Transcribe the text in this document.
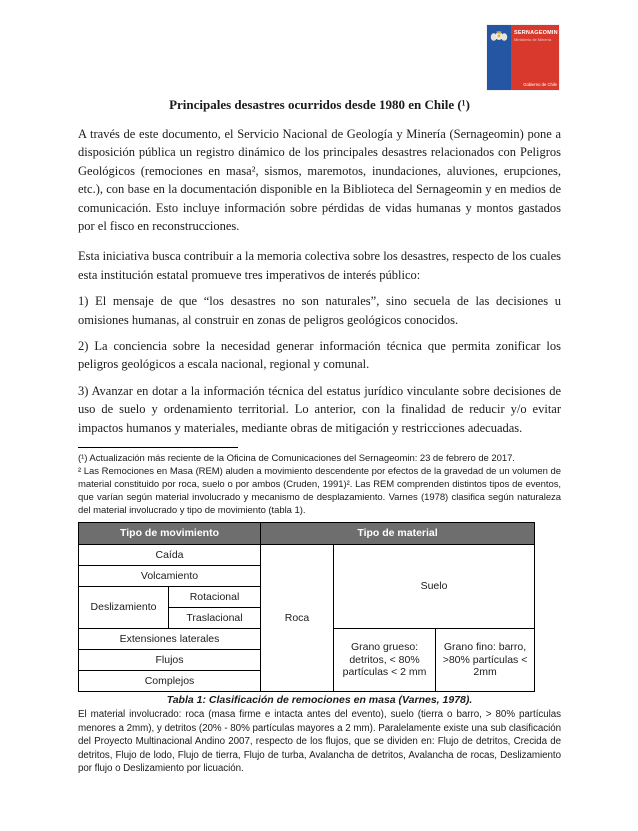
SERNAGEOMIN
Ministerio de Minería
Gobierno de Chile
Principales desastres ocurridos desde 1980 en Chile (¹)

A través de este documento, el Servicio Nacional de Geología y Minería (Sernageomin) pone a disposición pública un registro dinámico de los principales desastres relacionados con Peligros Geológicos (remociones en masa², sismos, maremotos, inundaciones, aluviones, erupciones, etc.), con base en la documentación disponible en la Biblioteca del Sernageomin y en medios de comunicación. Esto incluye información sobre pérdidas de vidas humanas y montos gastados por el fisco en reconstrucciones.

Esta iniciativa busca contribuir a la memoria colectiva sobre los desastres, respecto de los cuales esta institución estatal promueve tres imperativos de interés público:

1) El mensaje de que “los desastres no son naturales”, sino secuela de las decisiones u omisiones humanas, al construir en zonas de peligros geológicos conocidos.

2) La conciencia sobre la necesidad generar información técnica que permita zonificar los peligros geológicos a escala nacional, regional y comunal.

3) Avanzar en dotar a la información técnica del estatus jurídico vinculante sobre decisiones de uso de suelo y ordenamiento territorial. Lo anterior, con la finalidad de reducir y/o evitar impactos humanos y materiales, mediante obras de mitigación y restricciones adecuadas.

(¹) Actualización más reciente de la Oficina de Comunicaciones del Sernageomin: 23 de febrero de 2017.

² Las Remociones en Masa (REM) aluden a movimiento descendente por efectos de la gravedad de un volumen de material constituido por roca, suelo o por ambos (Cruden, 1991)². Las REM comprenden distintos tipos de eventos, que varían según material involucrado y mecanismo de desplazamiento. Varnes (1978) clasifica según naturaleza del material involucrado y tipo de movimiento (tabla 1).

Tipo de movimiento		Tipo de material		
Caída		Roca	Suelo	
Volcamiento				
Deslizamiento	Rotacional			
	Traslacional			
Extensiones laterales			Grano grueso: detritos, < 80% partículas < 2 mm	Grano fino: barro, >80% partículas < 2mm
Flujos				
Complejos				
Tabla 1: Clasificación de remociones en masa (Varnes, 1978).

El material involucrado: roca (masa firme e intacta antes del evento), suelo (tierra o barro, > 80% partículas menores a 2mm), y detritos (20% - 80% partículas mayores a 2 mm). Paralelamente existe una sub clasificación del Proyecto Multinacional Andino 2007, respecto de los flujos, que se dividen en: Flujo de detritos, Crecida de detritos, Flujo de lodo, Flujo de tierra, Flujo de turba, Avalancha de detritos, Avalancha de rocas, Deslizamiento por flujo o Deslizamiento por licuación.
